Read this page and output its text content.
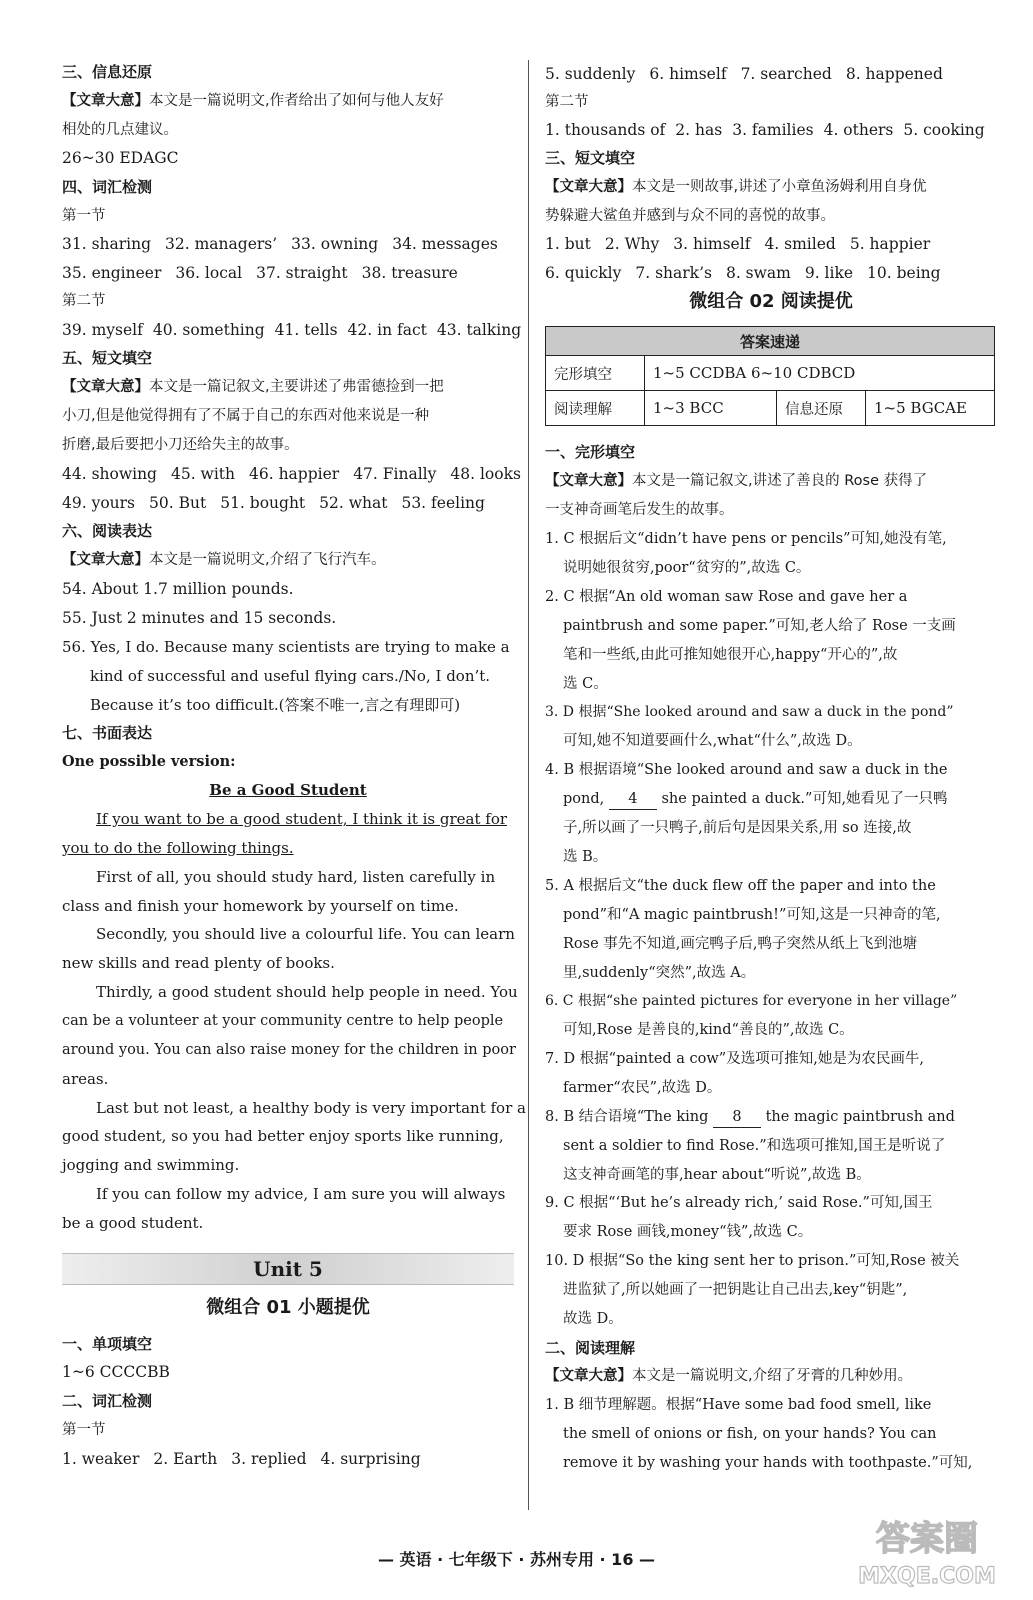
三、信息还原
【文章大意】本文是一篇说明文,作者给出了如何与他人友好
相处的几点建议。
26~30 EDAGC
四、词汇检测
第一节
31. sharing 32. managers’ 33. owning 34. messages
35. engineer 36. local 37. straight 38. treasure
第二节
39. myself 40. something 41. tells 42. in fact 43. talking
五、短文填空
【文章大意】本文是一篇记叙文,主要讲述了弗雷德捡到一把
小刀,但是他觉得拥有了不属于自己的东西对他来说是一种
折磨,最后要把小刀还给失主的故事。
44. showing 45. with 46. happier 47. Finally 48. looks
49. yours 50. But 51. bought 52. what 53. feeling
六、阅读表达
【文章大意】本文是一篇说明文,介绍了飞行汽车。
54. About 1.7 million pounds.
55. Just 2 minutes and 15 seconds.
56. Yes, I do. Because many scientists are trying to make a
kind of successful and useful flying cars./No, I don’t.
Because it’s too difficult.(答案不唯一,言之有理即可)
七、书面表达
One possible version:
Be a Good Student
If you want to be a good student, I think it is great for
you to do the following things.
First of all, you should study hard, listen carefully in
class and finish your homework by yourself on time.
Secondly, you should live a colourful life. You can learn
new skills and read plenty of books.
Thirdly, a good student should help people in need. You
can be a volunteer at your community centre to help people
around you. You can also raise money for the children in poor
areas.
Last but not least, a healthy body is very important for a
good student, so you had better enjoy sports like running,
jogging and swimming.
If you can follow my advice, I am sure you will always
be a good student.
Unit 5
微组合 01 小题提优
一、单项填空
1~6 CCCCBB
二、词汇检测
第一节
1. weaker 2. Earth 3. replied 4. surprising
5. suddenly 6. himself 7. searched 8. happened
第二节
1. thousands of 2. has 3. families 4. others 5. cooking
三、短文填空
【文章大意】本文是一则故事,讲述了小章鱼汤姆利用自身优
势躲避大鲨鱼并感到与众不同的喜悦的故事。
1. but 2. Why 3. himself 4. smiled 5. happier
6. quickly 7. shark’s 8. swam 9. like 10. being
微组合 02 阅读提优
答案速递			
完形填空	1~5 CCDBA 6~10 CDBCD		
阅读理解	1~3 BCC	信息还原	1~5 BGCAE
一、完形填空
【文章大意】本文是一篇记叙文,讲述了善良的 Rose 获得了
一支神奇画笔后发生的故事。
1. C 根据后文“didn’t have pens or pencils”可知,她没有笔,
说明她很贫穷,poor“贫穷的”,故选 C。
2. C 根据“An old woman saw Rose and gave her a
paintbrush and some paper.”可知,老人给了 Rose 一支画
笔和一些纸,由此可推知她很开心,happy“开心的”,故
选 C。
3. D 根据“She looked around and saw a duck in the pond”
可知,她不知道要画什么,what“什么”,故选 D。
4. B 根据语境“She looked around and saw a duck in the
pond, 4 she painted a duck.”可知,她看见了一只鸭
子,所以画了一只鸭子,前后句是因果关系,用 so 连接,故
选 B。
5. A 根据后文“the duck flew off the paper and into the
pond”和“A magic paintbrush!”可知,这是一只神奇的笔,
Rose 事先不知道,画完鸭子后,鸭子突然从纸上飞到池塘
里,suddenly“突然”,故选 A。
6. C 根据“she painted pictures for everyone in her village”
可知,Rose 是善良的,kind“善良的”,故选 C。
7. D 根据“painted a cow”及选项可推知,她是为农民画牛,
farmer“农民”,故选 D。
8. B 结合语境“The king 8 the magic paintbrush and
sent a soldier to find Rose.”和选项可推知,国王是听说了
这支神奇画笔的事,hear about“听说”,故选 B。
9. C 根据“‘But he’s already rich,’ said Rose.”可知,国王
要求 Rose 画钱,money“钱”,故选 C。
10. D 根据“So the king sent her to prison.”可知,Rose 被关
进监狱了,所以她画了一把钥匙让自己出去,key“钥匙”,
故选 D。
二、阅读理解
【文章大意】本文是一篇说明文,介绍了牙膏的几种妙用。
1. B 细节理解题。根据“Have some bad food smell, like
the smell of onions or fish, on your hands? You can
remove it by washing your hands with toothpaste.”可知,
— 英语 · 七年级下 · 苏州专用 · 16 —
答案圈
MXQE.COM
